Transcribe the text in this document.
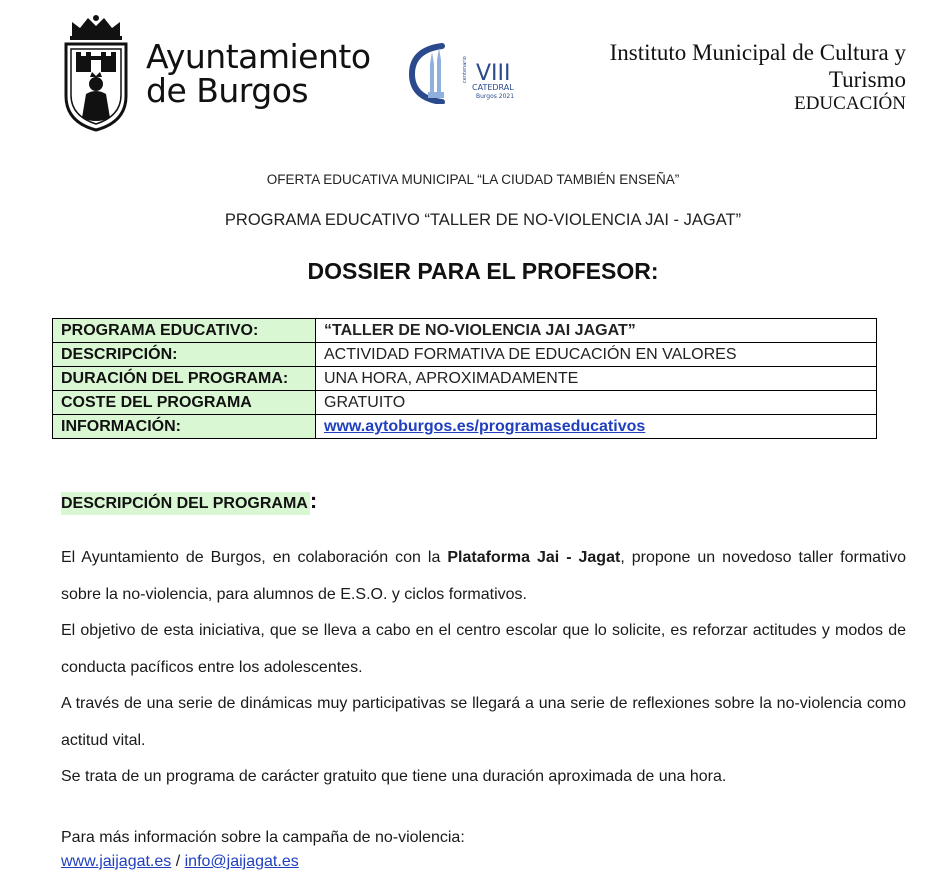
Ayuntamiento
de Burgos	VIII
centenario
CATEDRAL
Burgos 2021
Instituto Municipal de Cultura y
Turismo
EDUCACIÓN
OFERTA EDUCATIVA MUNICIPAL “LA CIUDAD TAMBIÉN ENSEÑA”
PROGRAMA EDUCATIVO “TALLER DE NO-VIOLENCIA JAI - JAGAT”
DOSSIER PARA EL PROFESOR:
PROGRAMA EDUCATIVO:	“TALLER DE NO-VIOLENCIA JAI JAGAT”
DESCRIPCIÓN:	ACTIVIDAD FORMATIVA DE EDUCACIÓN EN VALORES
DURACIÓN DEL PROGRAMA:	UNA HORA, APROXIMADAMENTE
COSTE DEL PROGRAMA	GRATUITO
INFORMACIÓN:	www.aytoburgos.es/programaseducativos
DESCRIPCIÓN DEL PROGRAMA:

El Ayuntamiento de Burgos, en colaboración con la Plataforma Jai - Jagat, propone un novedoso taller formativo sobre la no-violencia, para alumnos de E.S.O. y ciclos formativos.

El objetivo de esta iniciativa, que se lleva a cabo en el centro escolar que lo solicite, es reforzar actitudes y modos de conducta pacíficos entre los adolescentes.

A través de una serie de dinámicas muy participativas se llegará a una serie de reflexiones sobre la no-violencia como actitud vital.

Se trata de un programa de carácter gratuito que tiene una duración aproximada de una hora.

Para más información sobre la campaña de no-violencia:
www.jaijagat.es / info@jaijagat.es
